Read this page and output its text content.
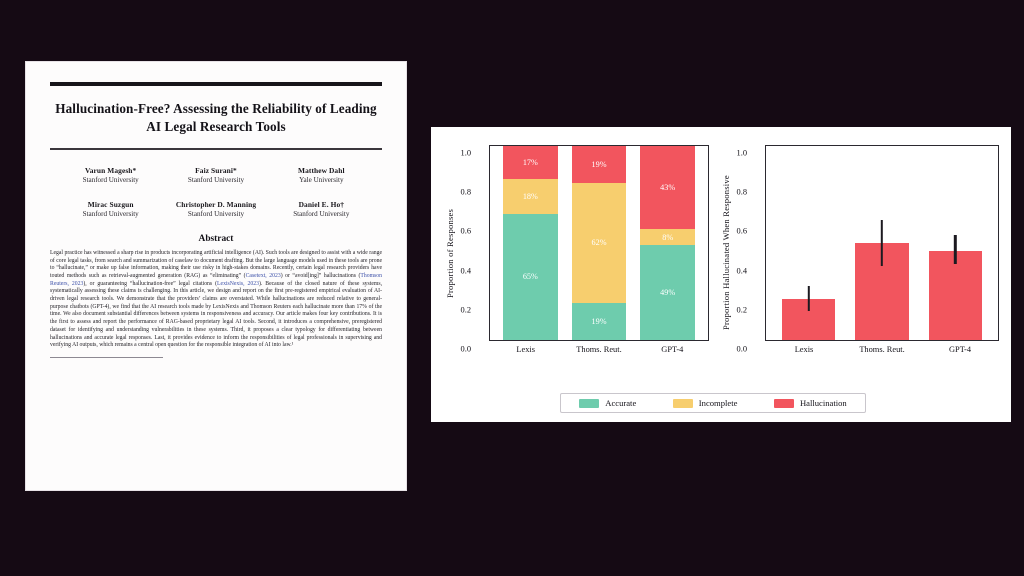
Hallucination-Free? Assessing the Reliability of Leading AI Legal Research Tools
Varun Magesh*
Stanford University
Faiz Surani*
Stanford University
Matthew Dahl
Yale University
Mirac Suzgun
Stanford University
Christopher D. Manning
Stanford University
Daniel E. Ho†
Stanford University
Abstract
Legal practice has witnessed a sharp rise in products incorporating artificial intelligence (AI). Such tools are designed to assist with a wide range of core legal tasks, from search and summarization of caselaw to document drafting. But the large language models used in these tools are prone to “hallucinate,” or make up false information, making their use risky in high-stakes domains. Recently, certain legal research providers have touted methods such as retrieval-augmented generation (RAG) as “eliminating” (Casetext, 2023) or “avoid[ing]” hallucinations (Thomson Reuters, 2023), or guaranteeing “hallucination-free” legal citations (LexisNexis, 2023). Because of the closed nature of these systems, systematically assessing these claims is challenging. In this article, we design and report on the first pre-registered empirical evaluation of AI-driven legal research tools. We demonstrate that the providers’ claims are overstated. While hallucinations are reduced relative to general-purpose chatbots (GPT-4), we find that the AI research tools made by LexisNexis and Thomson Reuters each hallucinate more than 17% of the time. We also document substantial differences between systems in responsiveness and accuracy. Our article makes four key contributions. It is the first to assess and report the performance of RAG-based proprietary legal AI tools. Second, it introduces a comprehensive, preregistered dataset for identifying and understanding vulnerabilities in these systems. Third, it proposes a clear typology for differentiating between hallucinations and accurate legal responses. Last, it provides evidence to inform the responsibilities of legal professionals in supervising and verifying AI outputs, which remains a central open question for the responsible integration of AI into law.¹
Proportion of Responses
1.0
0.8
0.6
0.4
0.2
0.0
17%
18%
65%
19%
62%
19%
43%
8%
49%
Lexis	Thoms. Reut.	GPT-4
Proportion Hallucinated When Responsive
1.0
0.8
0.6
0.4
0.2
0.0	Lexis	Thoms. Reut.	GPT-4
Accurate	Incomplete	Hallucination
